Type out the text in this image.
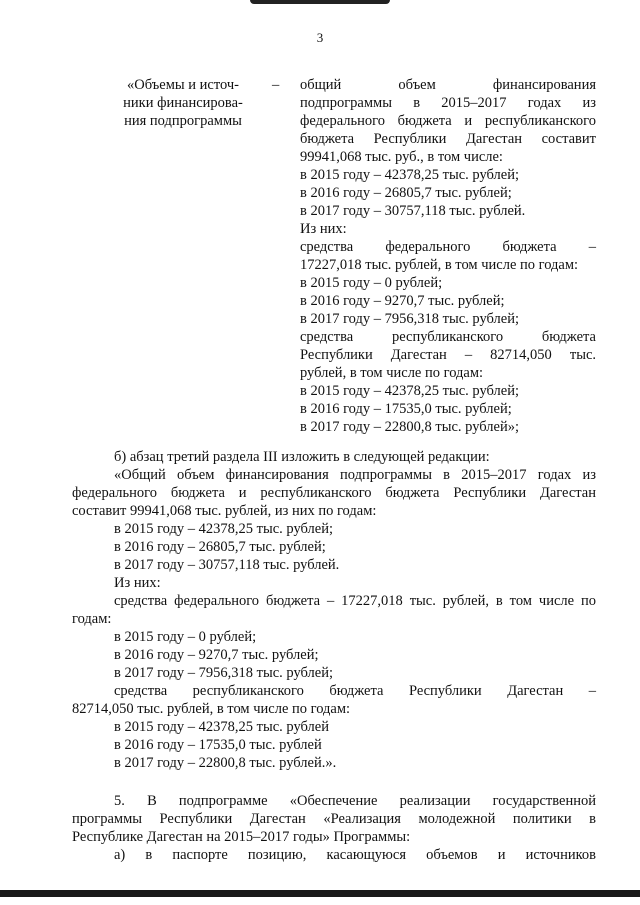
3

«Объемы и источ-

ники финансирова-

ния подпрограммы

– общий объем финансирования

подпрограммы в 2015–2017 годах из

федерального бюджета и республиканского

бюджета Республики Дагестан составит

99941,068 тыс. руб., в том числе:

в 2015 году – 42378,25 тыс. рублей;

в 2016 году – 26805,7 тыс. рублей;

в 2017 году – 30757,118 тыс. рублей.

Из них:

средства федерального бюджета –

17227,018 тыс. рублей, в том числе по годам:

в 2015 году – 0 рублей;

в 2016 году – 9270,7 тыс. рублей;

в 2017 году – 7956,318 тыс. рублей;

средства республиканского бюджета

Республики Дагестан – 82714,050 тыс.

рублей, в том числе по годам:

в 2015 году – 42378,25 тыс. рублей;

в 2016 году – 17535,0 тыс. рублей;

в 2017 году – 22800,8 тыс. рублей»;

б) абзац третий раздела III изложить в следующей редакции:

«Общий объем финансирования подпрограммы в 2015–2017 годах из

федерального бюджета и республиканского бюджета Республики Дагестан

составит 99941,068 тыс. рублей, из них по годам:

в 2015 году – 42378,25 тыс. рублей;

в 2016 году – 26805,7 тыс. рублей;

в 2017 году – 30757,118 тыс. рублей.

Из них:

средства федерального бюджета – 17227,018 тыс. рублей, в том числе по

годам:

в 2015 году – 0 рублей;

в 2016 году – 9270,7 тыс. рублей;

в 2017 году – 7956,318 тыс. рублей;

средства республиканского бюджета Республики Дагестан –

82714,050 тыс. рублей, в том числе по годам:

в 2015 году – 42378,25 тыс. рублей

в 2016 году – 17535,0 тыс. рублей

в 2017 году – 22800,8 тыс. рублей.».

5. В подпрограмме «Обеспечение реализации государственной

программы Республики Дагестан «Реализация молодежной политики в

Республике Дагестан на 2015–2017 годы» Программы:

а) в паспорте позицию, касающуюся объемов и источников
